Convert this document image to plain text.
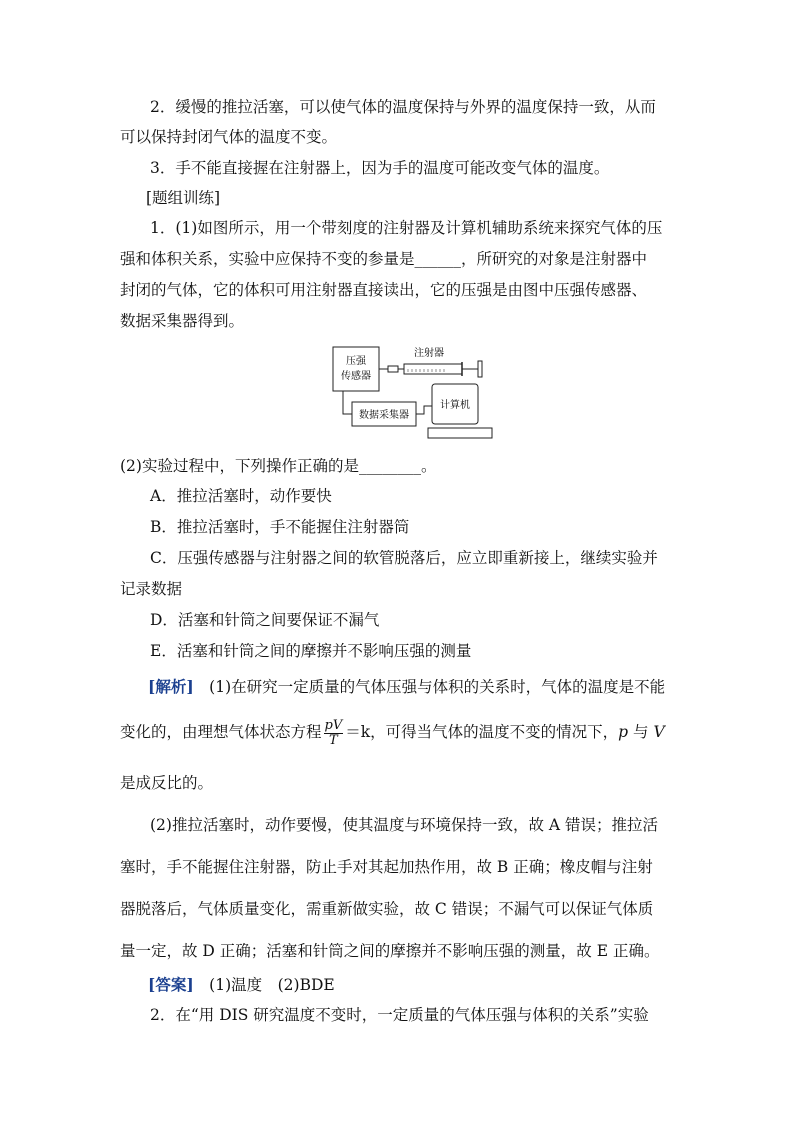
2．缓慢的推拉活塞，可以使气体的温度保持与外界的温度保持一致，从而
可以保持封闭气体的温度不变。
3．手不能直接握在注射器上，因为手的温度可能改变气体的温度。
[题组训练]
1．(1)如图所示，用一个带刻度的注射器及计算机辅助系统来探究气体的压
强和体积关系，实验中应保持不变的参量是______，所研究的对象是注射器中
封闭的气体，它的体积可用注射器直接读出，它的压强是由图中压强传感器、
数据采集器得到。
压强
传感器
注射器
计算机
数据采集器
(2)实验过程中，下列操作正确的是________。
A．推拉活塞时，动作要快
B．推拉活塞时，手不能握住注射器筒
C．压强传感器与注射器之间的软管脱落后，应立即重新接上，继续实验并
记录数据
D．活塞和针筒之间要保证不漏气
E．活塞和针筒之间的摩擦并不影响压强的测量
[解析]　(1)在研究一定质量的气体压强与体积的关系时，气体的温度是不能
变化的，由理想气体状态方程 $\frac{pV}{T} =k$，可得当气体的温度不变的情况下，p 与 V
是成反比的。
(2)推拉活塞时，动作要慢，使其温度与环境保持一致，故 A 错误；推拉活
塞时，手不能握住注射器，防止手对其起加热作用，故 B 正确；橡皮帽与注射
器脱落后，气体质量变化，需重新做实验，故 C 错误；不漏气可以保证气体质
量一定，故 D 正确；活塞和针筒之间的摩擦并不影响压强的测量，故 E 正确。
[答案]　(1)温度　(2)BDE
2．在“用 DIS 研究温度不变时，一定质量的气体压强与体积的关系”实验
